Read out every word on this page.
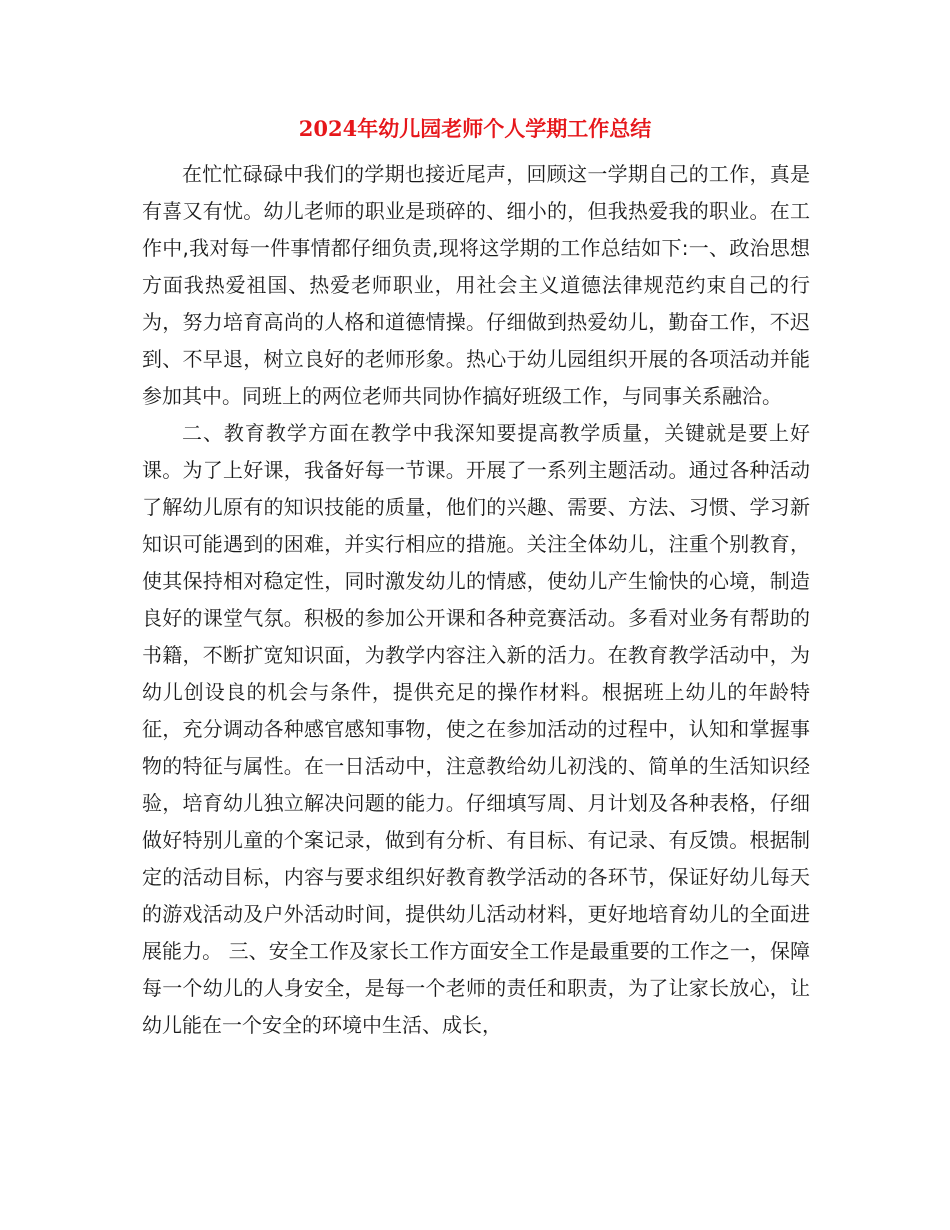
2024年幼儿园老师个人学期工作总结

在忙忙碌碌中我们的学期也接近尾声，回顾这一学期自己的工作，真是有喜又有忧。幼儿老师的职业是琐碎的、细小的，但我热爱我的职业。在工作中,我对每一件事情都仔细负责,现将这学期的工作总结如下:一、政治思想方面我热爱祖国、热爱老师职业，用社会主义道德法律规范约束自己的行为，努力培育高尚的人格和道德情操。仔细做到热爱幼儿，勤奋工作，不迟到、不早退，树立良好的老师形象。热心于幼儿园组织开展的各项活动并能参加其中。同班上的两位老师共同协作搞好班级工作，与同事关系融洽。

二、教育教学方面在教学中我深知要提高教学质量，关键就是要上好课。为了上好课，我备好每一节课。开展了一系列主题活动。通过各种活动了解幼儿原有的知识技能的质量，他们的兴趣、需要、方法、习惯、学习新知识可能遇到的困难，并实行相应的措施。关注全体幼儿，注重个别教育，使其保持相对稳定性，同时激发幼儿的情感，使幼儿产生愉快的心境，制造良好的课堂气氛。积极的参加公开课和各种竞赛活动。多看对业务有帮助的书籍，不断扩宽知识面，为教学内容注入新的活力。在教育教学活动中，为幼儿创设良的机会与条件，提供充足的操作材料。根据班上幼儿的年龄特征，充分调动各种感官感知事物，使之在参加活动的过程中，认知和掌握事物的特征与属性。在一日活动中，注意教给幼儿初浅的、简单的生活知识经验，培育幼儿独立解决问题的能力。仔细填写周、月计划及各种表格，仔细做好特别儿童的个案记录，做到有分析、有目标、有记录、有反馈。根据制定的活动目标，内容与要求组织好教育教学活动的各环节，保证好幼儿每天的游戏活动及户外活动时间，提供幼儿活动材料，更好地培育幼儿的全面进展能力。 三、安全工作及家长工作方面安全工作是最重要的工作之一，保障每一个幼儿的人身安全，是每一个老师的责任和职责，为了让家长放心，让幼儿能在一个安全的环境中生活、成长，
